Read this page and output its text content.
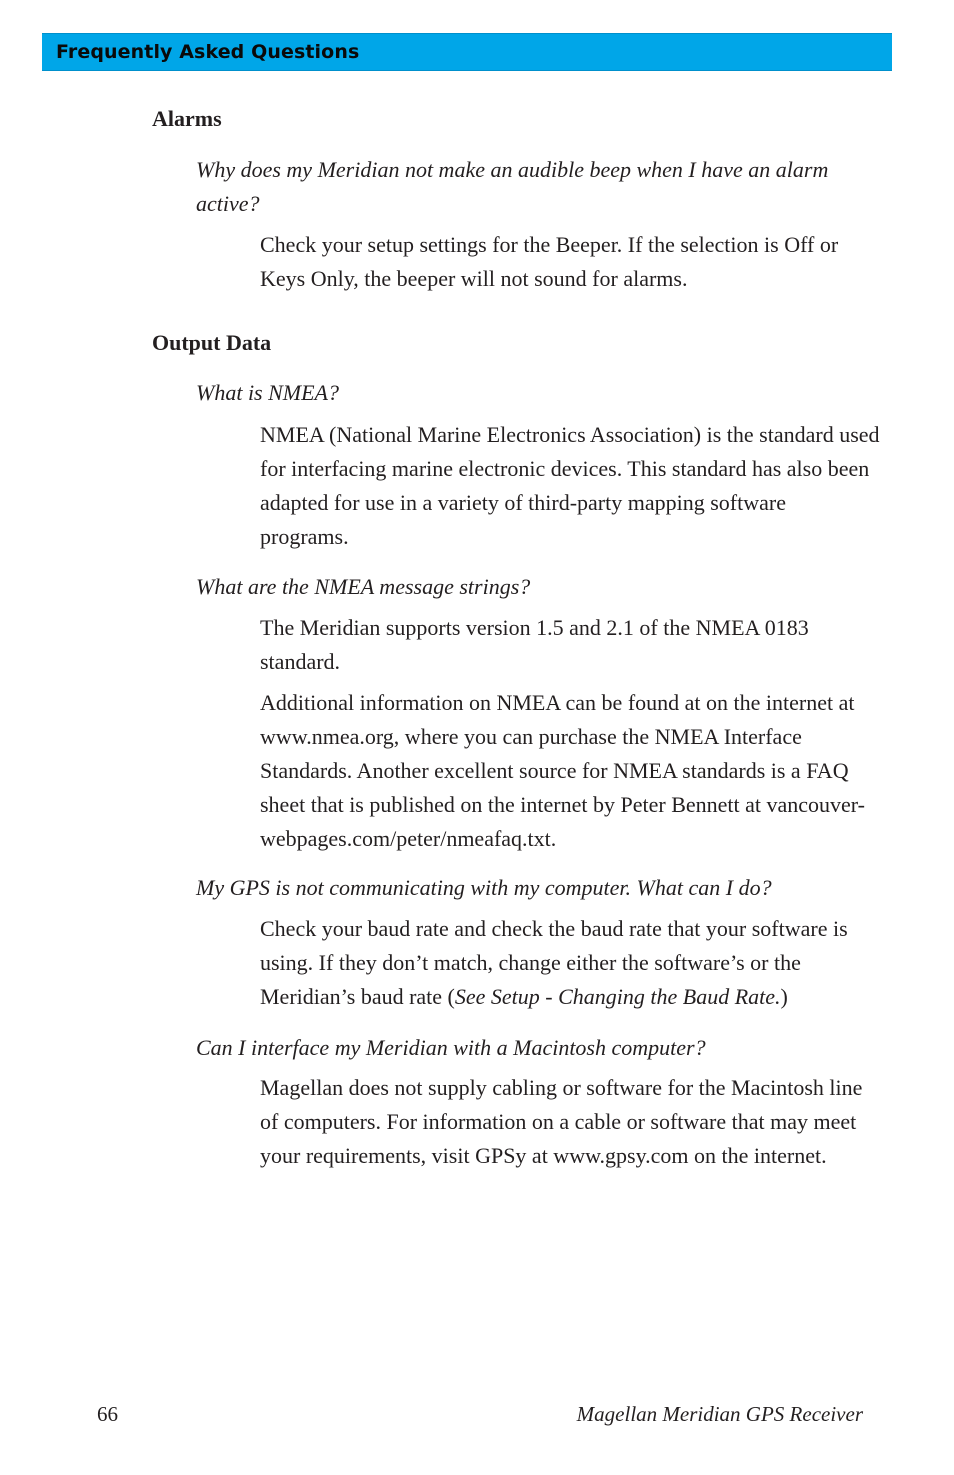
Frequently Asked Questions
Alarms

Why does my Meridian not make an audible beep when I have an alarm active?

Check your setup settings for the Beeper. If the selection is Off or Keys Only, the beeper will not sound for alarms.

Output Data

What is NMEA?

NMEA (National Marine Electronics Association) is the standard used for interfacing marine electronic devices. This standard has also been adapted for use in a variety of third-party mapping software programs.

What are the NMEA message strings?

The Meridian supports version 1.5 and 2.1 of the NMEA 0183 standard.

Additional information on NMEA can be found at on the internet at www.nmea.org, where you can purchase the NMEA Interface Standards. Another excellent source for NMEA standards is a FAQ sheet that is published on the internet by Peter Bennett at vancouver-webpages.com/peter/nmeafaq.txt.

My GPS is not communicating with my computer. What can I do?

Check your baud rate and check the baud rate that your software is using. If they don’t match, change either the software’s or the Meridian’s baud rate (See Setup - Changing the Baud Rate.)

Can I interface my Meridian with a Macintosh computer?

Magellan does not supply cabling or software for the Macintosh line of computers. For information on a cable or software that may meet your requirements, visit GPSy at www.gpsy.com on the internet.

66	Magellan Meridian GPS Receiver
